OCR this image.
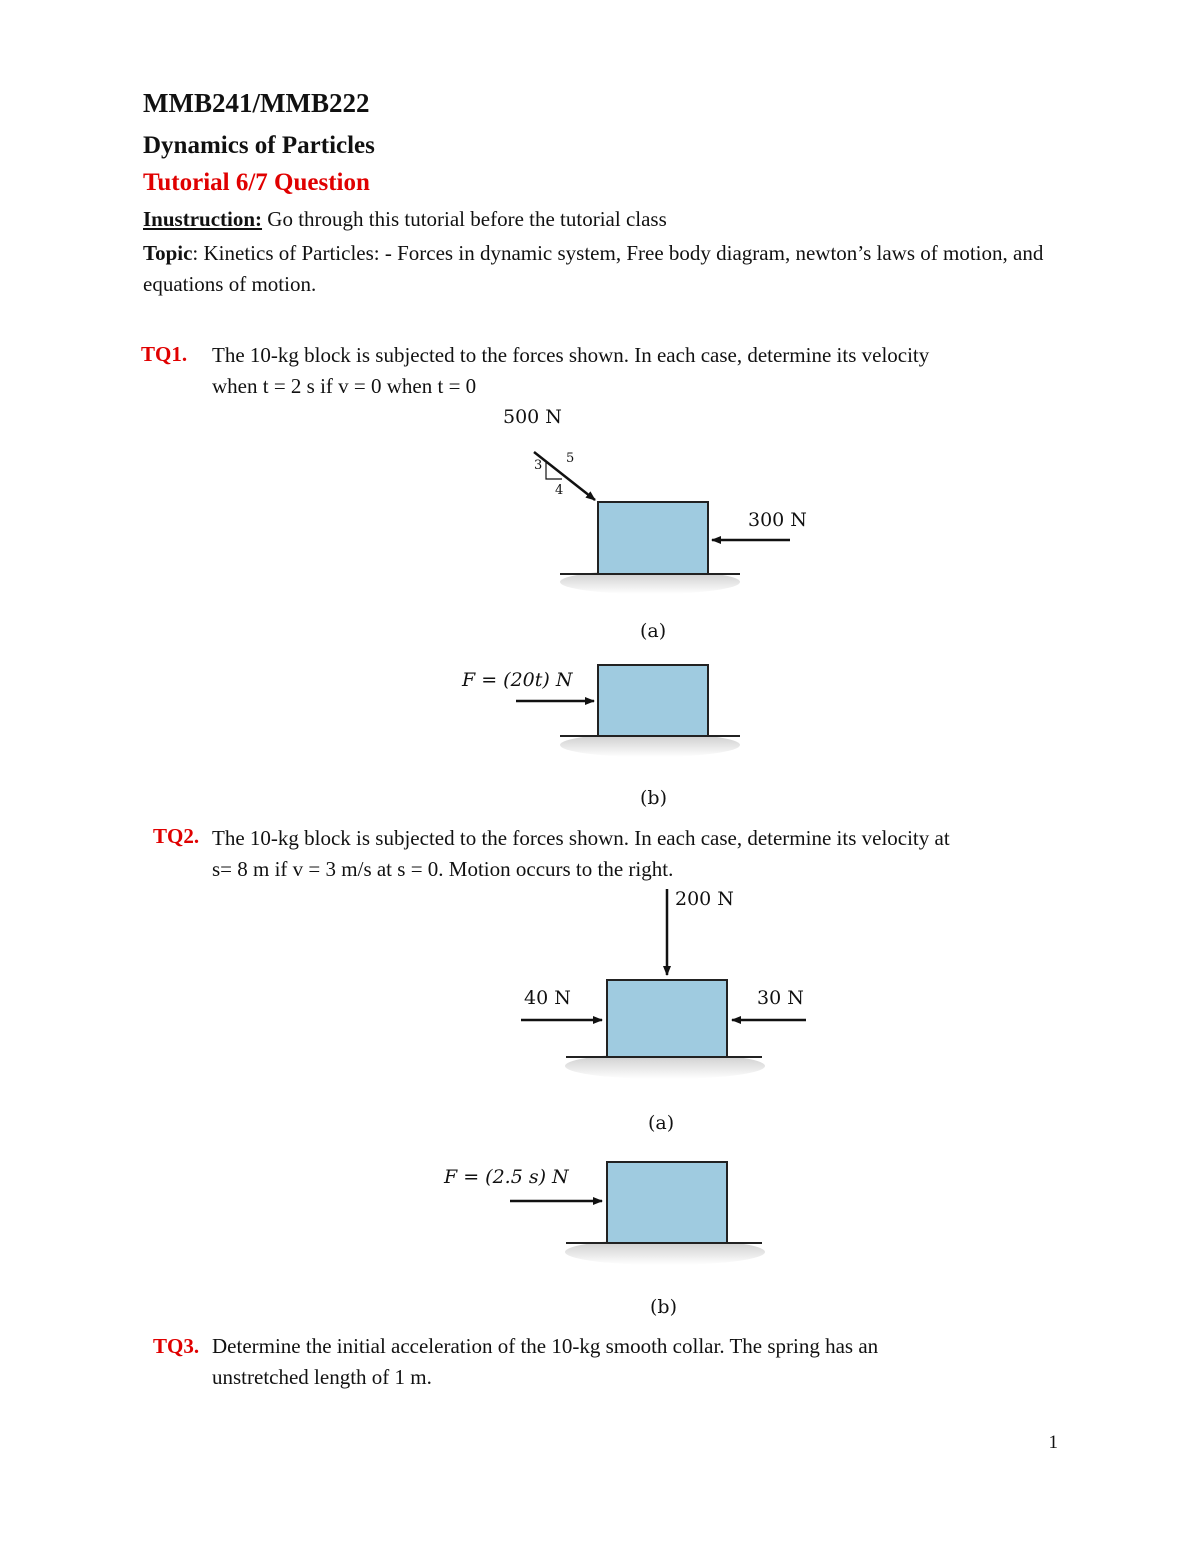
MMB241/MMB222
Dynamics of Particles
Tutorial 6/7 Question
Inustruction: Go through this tutorial before the tutorial class
Topic: Kinetics of Particles: - Forces in dynamic system, Free body diagram, newton’s laws of motion, and equations of motion.
TQ1. The 10-kg block is subjected to the forces shown. In each case, determine its velocity
when t = 2 s if v = 0 when t = 0
500 N
3 5
4
300 N
(a)
F = (20t) N
(b)
TQ2. The 10-kg block is subjected to the forces shown. In each case, determine its velocity at
s= 8 m if v = 3 m/s at s = 0. Motion occurs to the right.
200 N
40 N	30 N
(a)
F = (2.5 s) N
(b)
TQ3. Determine the initial acceleration of the 10-kg smooth collar. The spring has an
unstretched length of 1 m.
1
